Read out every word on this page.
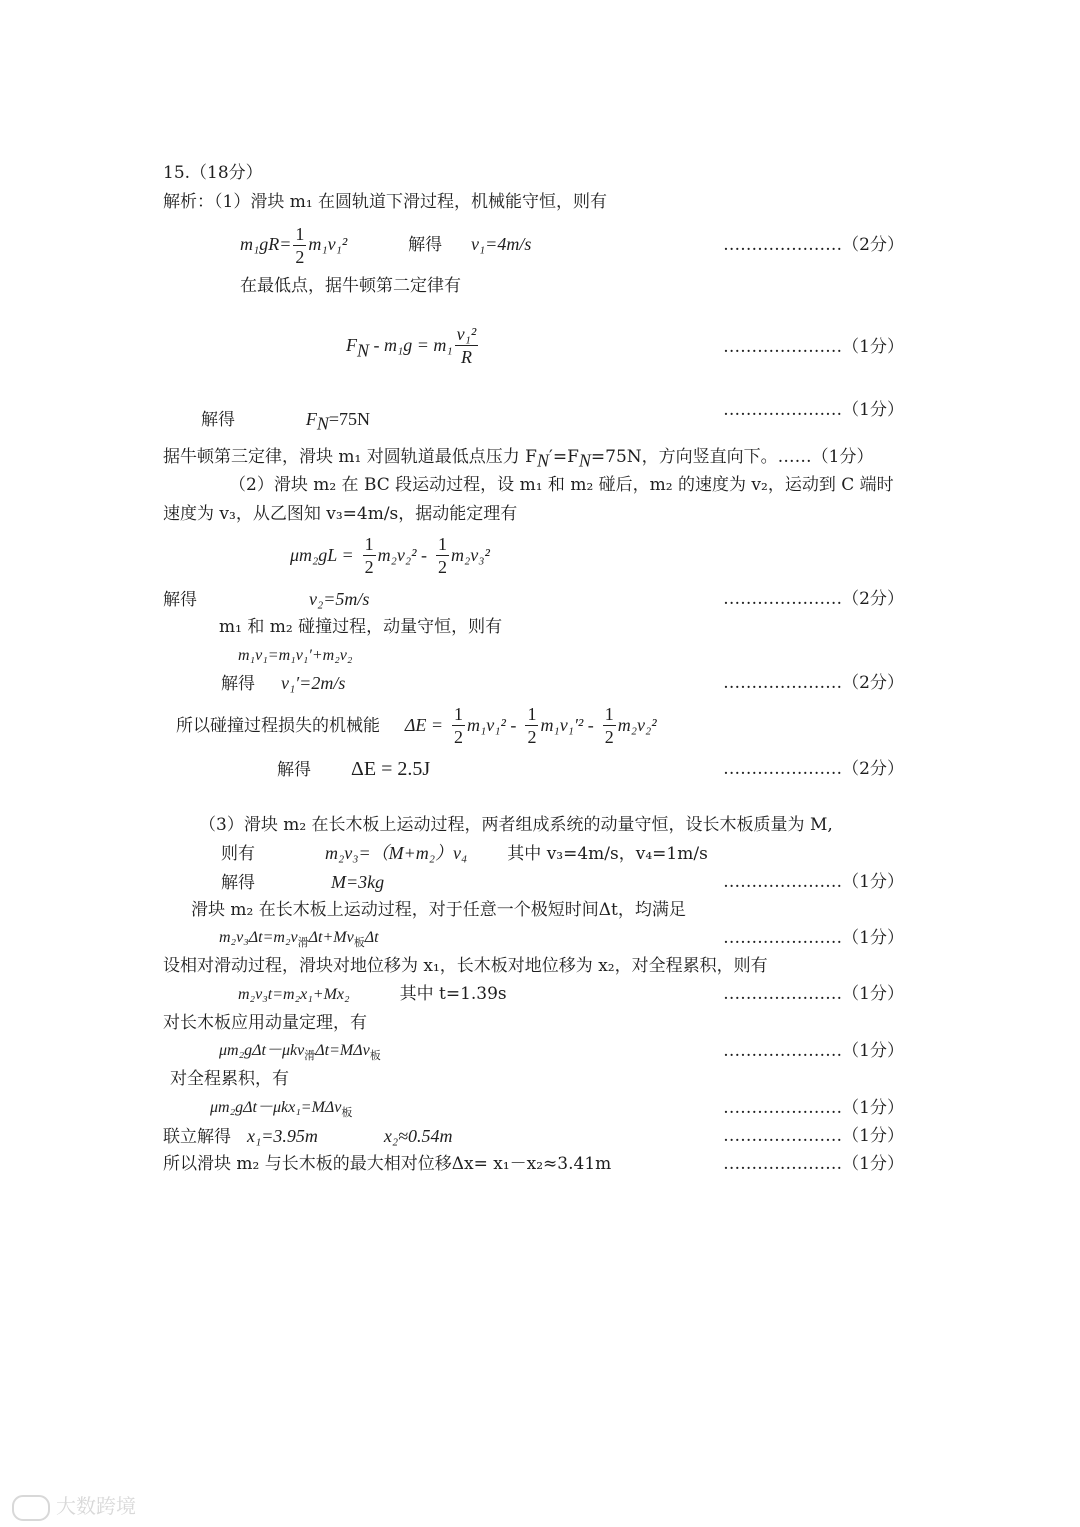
15.（18分）
解析：（1）滑块 m₁ 在圆轨道下滑过程，机械能守恒，则有
$m_1gR= \frac{1}{2} m_1v_1^2$	解得 v₁=4m/s	…………………（2分）
在最低点，据牛顿第二定律有
$F_N - m_1g = m_1 \frac{\text{v₁²}}{R}$	…………………（1分）
解得	$F_N=75N$	…………………（1分）
据牛顿第三定律，滑块 m₁ 对圆轨道最低点压力 $F_N'=F_N=75N$，方向竖直向下。……（1分）
（2）滑块 m₂ 在 BC 段运动过程，设 m₁ 和 m₂ 碰后，m₂ 的速度为 v₂，运动到 C 端时
速度为 v₃，从乙图知 v₃=4m/s，据动能定理有
$\mu m_2gL = \frac{1}{2} m_2v_2^2 - \frac{1}{2} m_2v_3^2$
解得	v₂=5m/s	…………………（2分）
m₁ 和 m₂ 碰撞过程，动量守恒，则有
m₁v₁=m₁v₁′+m₂v₂
解得 v₁′=2m/s	…………………（2分）
所以碰撞过程损失的机械能 $\Delta E = \frac{1}{2} m_1v_1^2 - \frac{1}{2} m_1v_1'^2 - \frac{1}{2} m_2v_2^2$
解得 ΔE = 2.5J	…………………（2分）
（3）滑块 m₂ 在长木板上运动过程，两者组成系统的动量守恒，设长木板质量为 M,
则有	m₂v₃=（M+m₂）v₄ 其中 v₃=4m/s，v₄=1m/s
解得	M=3kg	…………………（1分）
滑块 m₂ 在长木板上运动过程，对于任意一个极短时间Δt，均满足
$m_2v_3\Delta t=m_2v_滑\Delta t+Mv_板\Delta t$	…………………（1分）
设相对滑动过程，滑块对地位移为 x₁，长木板对地位移为 x₂，对全程累积，则有
m₂v₃t=m₂x₁+Mx₂	其中 t=1.39s	…………………（1分）
对长木板应用动量定理，有
μm₂gΔt－μkv$_滑$Δt=MΔv$_板$	…………………（1分）
对全程累积，有
μm₂gΔt－μkx₁=MΔv$_板$	…………………（1分）
联立解得 x₁=3.95m	x₂≈0.54m	…………………（1分）
所以滑块 m₂ 与长木板的最大相对位移Δx= x₁－x₂≈3.41m	…………………（1分）
大数跨境
